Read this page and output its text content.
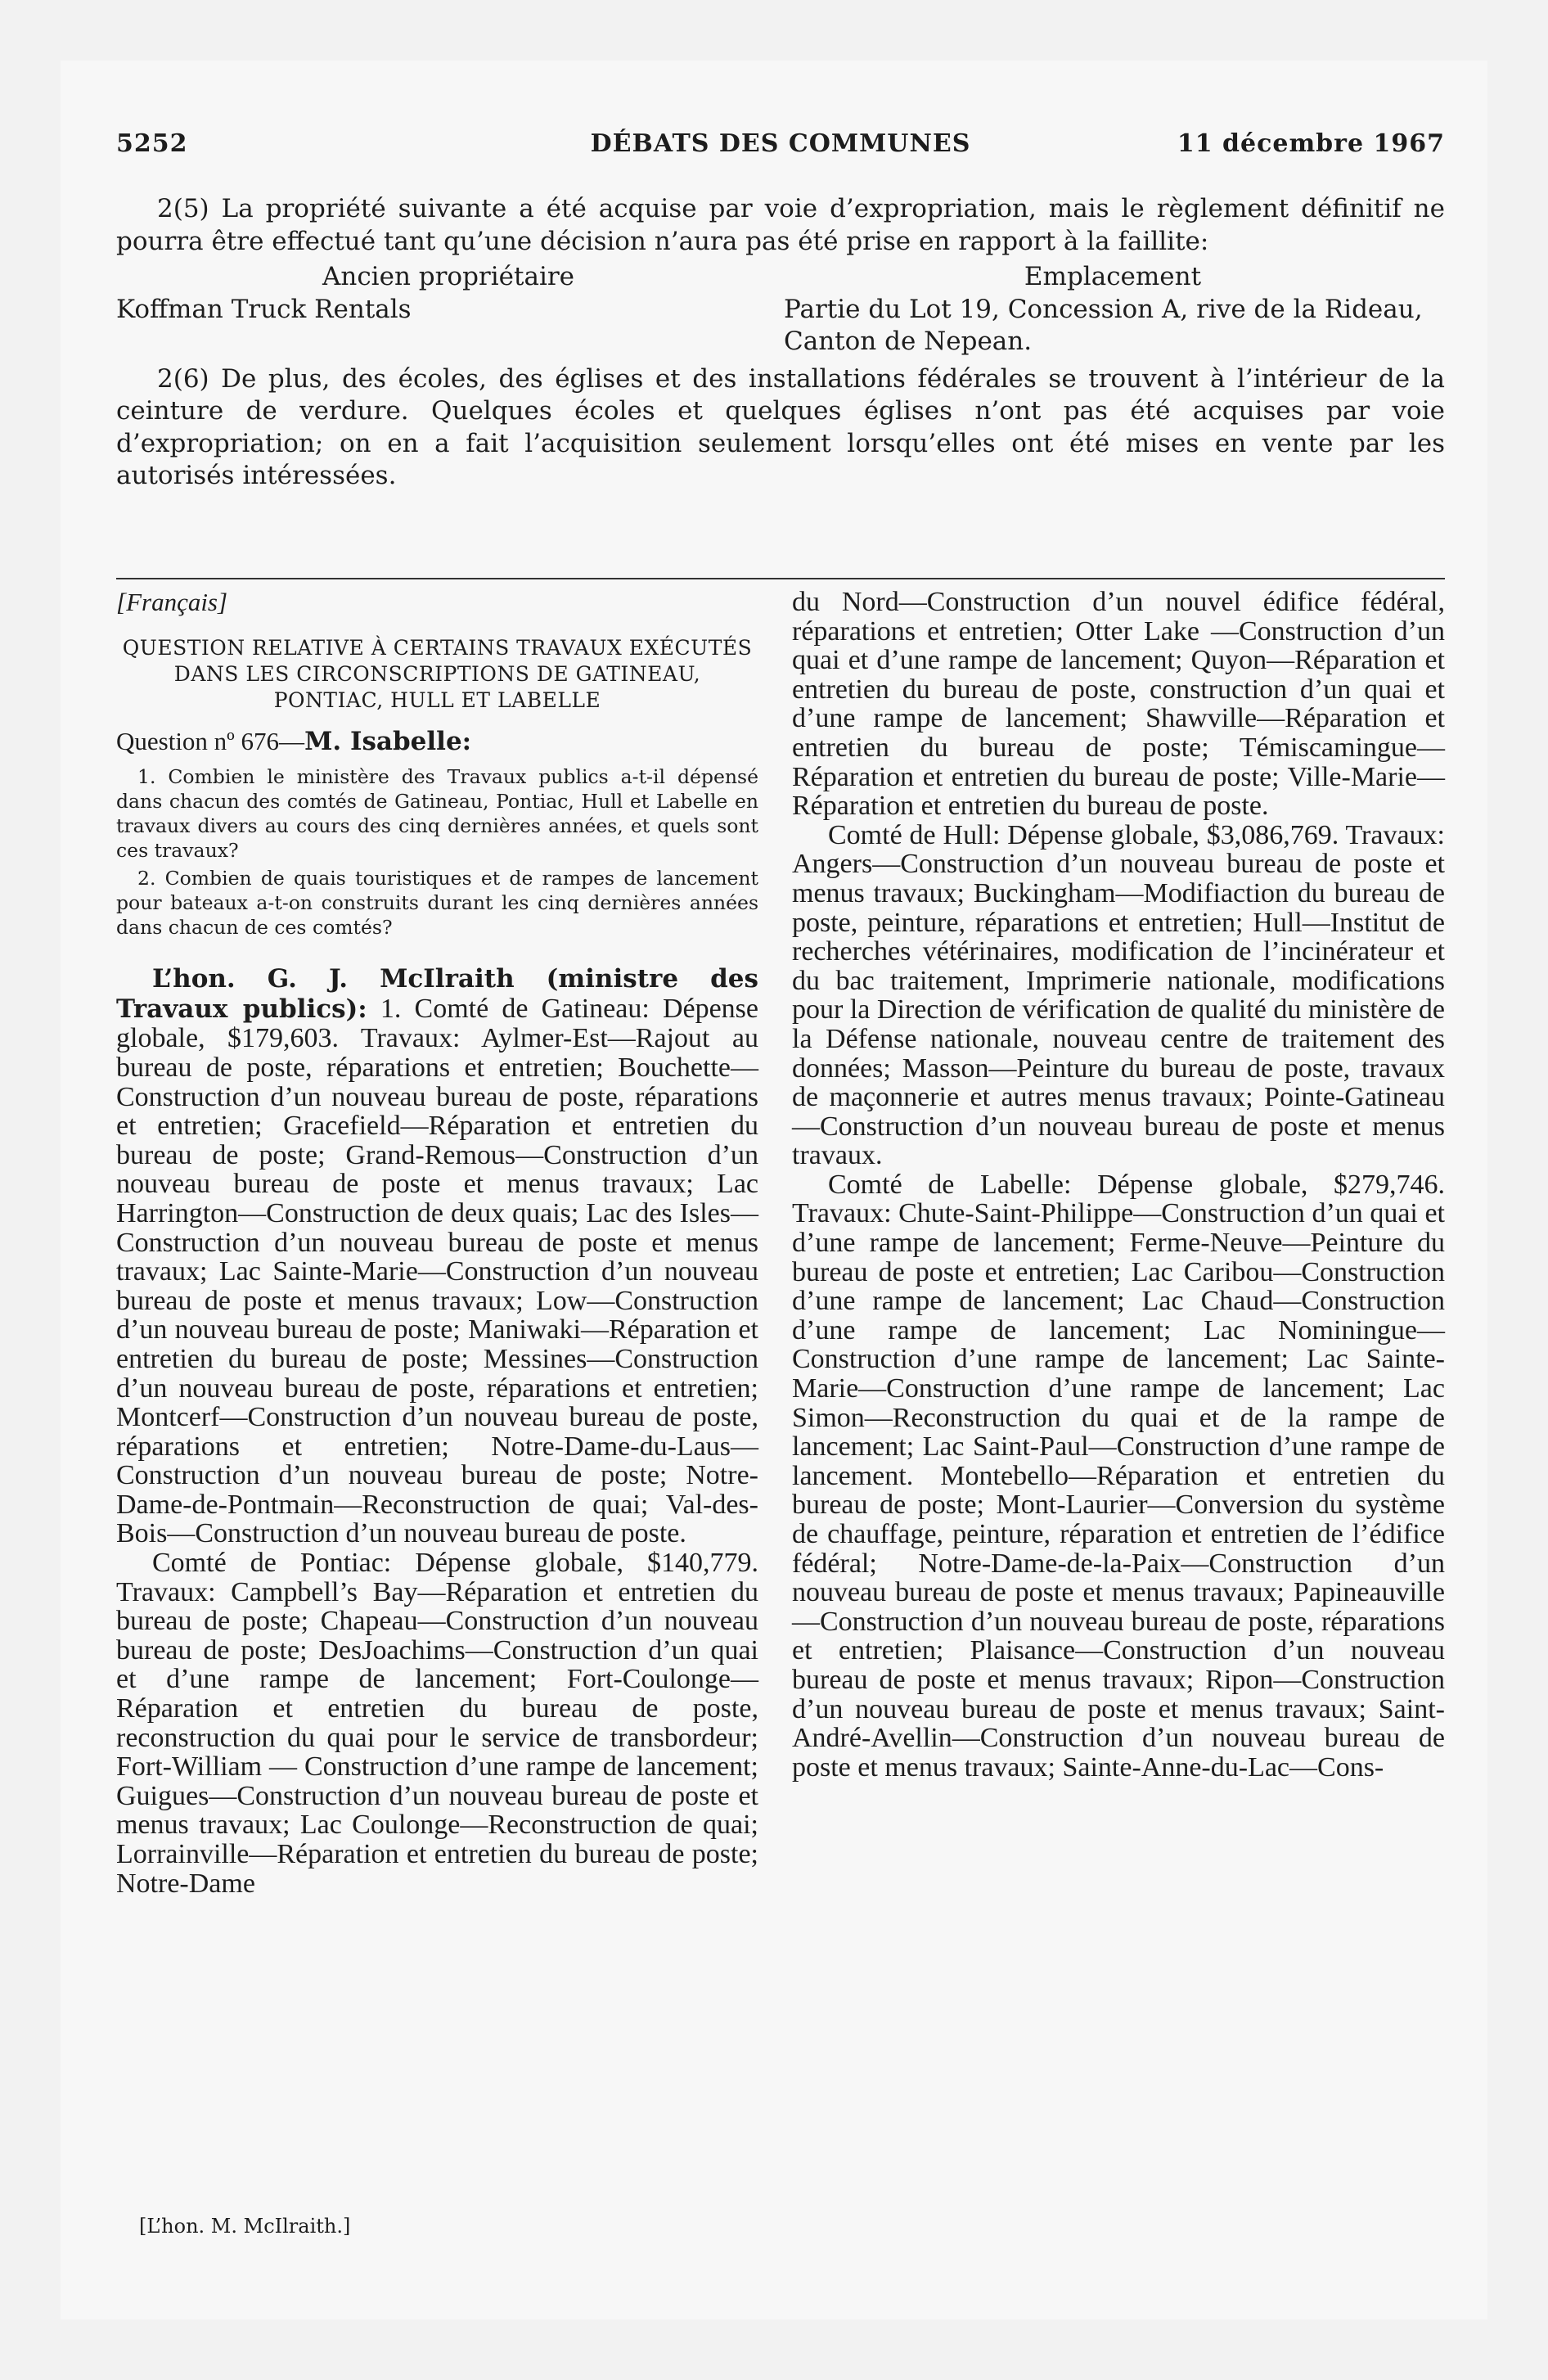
5252	DÉBATS DES COMMUNES	11 décembre 1967

2(5) La propriété suivante a été acquise par voie d’expropriation, mais le règlement définitif ne pourra être effectué tant qu’une décision n’aura pas été prise en rapport à la faillite:

Ancien propriétaire	Emplacement
Koffman Truck Rentals	Partie du Lot 19, Concession A, rive de la Rideau, Canton de Nepean.

2(6) De plus, des écoles, des églises et des installations fédérales se trouvent à l’intérieur de la ceinture de verdure. Quelques écoles et quelques églises n’ont pas été acquises par voie d’expropriation; on en a fait l’acquisition seulement lorsqu’elles ont été mises en vente par les autorisés intéressées.

[Français]

QUESTION RELATIVE À CERTAINS TRAVAUX EXÉCUTÉS DANS LES CIRCONSCRIPTIONS DE GATINEAU, PONTIAC, HULL ET LABELLE

Question nº 676—M. Isabelle:

1. Combien le ministère des Travaux publics a-t-il dépensé dans chacun des comtés de Gatineau, Pontiac, Hull et Labelle en travaux divers au cours des cinq dernières années, et quels sont ces travaux?

2. Combien de quais touristiques et de rampes de lancement pour bateaux a-t-on construits durant les cinq dernières années dans chacun de ces comtés?

L’hon. G. J. McIlraith (ministre des Travaux publics): 1. Comté de Gatineau: Dépense globale, $179,603. Travaux: Aylmer-Est—Rajout au bureau de poste, réparations et entretien; Bouchette—Construction d’un nouveau bureau de poste, réparations et entretien; Gracefield—Réparation et entretien du bureau de poste; Grand-Remous—Construction d’un nouveau bureau de poste et menus travaux; Lac Harrington—Construction de deux quais; Lac des Isles—Construction d’un nouveau bureau de poste et menus travaux; Lac Sainte-Marie—Construction d’un nouveau bureau de poste et menus travaux; Low—Construction d’un nouveau bureau de poste; Maniwaki—Réparation et entretien du bureau de poste; Messines—Construction d’un nouveau bureau de poste, réparations et entretien; Montcerf—Construction d’un nouveau bureau de poste, réparations et entretien; Notre-Dame-du-Laus—Construction d’un nouveau bureau de poste; Notre-Dame-de-Pontmain—Reconstruction de quai; Val-des-Bois—Construction d’un nouveau bureau de poste.

Comté de Pontiac: Dépense globale, $140,779. Travaux: Campbell’s Bay—Réparation et entretien du bureau de poste; Chapeau—Construction d’un nouveau bureau de poste; DesJoachims—Construction d’un quai et d’une rampe de lancement; Fort-Coulonge—Réparation et entretien du bureau de poste, reconstruction du quai pour le service de transbordeur; Fort-William — Construction d’une rampe de lancement; Guigues—Construction d’un nouveau bureau de poste et menus travaux; Lac Coulonge—Reconstruction de quai; Lorrainville—Réparation et entretien du bureau de poste; Notre-Dame

du Nord—Construction d’un nouvel édifice fédéral, réparations et entretien; Otter Lake —Construction d’un quai et d’une rampe de lancement; Quyon—Réparation et entretien du bureau de poste, construction d’un quai et d’une rampe de lancement; Shawville—Réparation et entretien du bureau de poste; Témiscamingue—Réparation et entretien du bureau de poste; Ville-Marie—Réparation et entretien du bureau de poste.

Comté de Hull: Dépense globale, $3,086,769. Travaux: Angers—Construction d’un nouveau bureau de poste et menus travaux; Buckingham—Modifiaction du bureau de poste, peinture, réparations et entretien; Hull—Institut de recherches vétérinaires, modification de l’incinérateur et du bac traitement, Imprimerie nationale, modifications pour la Direction de vérification de qualité du ministère de la Défense nationale, nouveau centre de traitement des données; Masson—Peinture du bureau de poste, travaux de maçonnerie et autres menus travaux; Pointe-Gatineau—Construction d’un nouveau bureau de poste et menus travaux.

Comté de Labelle: Dépense globale, $279,746. Travaux: Chute-Saint-Philippe—Construction d’un quai et d’une rampe de lancement; Ferme-Neuve—Peinture du bureau de poste et entretien; Lac Caribou—Construction d’une rampe de lancement; Lac Chaud—Construction d’une rampe de lancement; Lac Nominingue—Construction d’une rampe de lancement; Lac Sainte-Marie—Construction d’une rampe de lancement; Lac Simon—Reconstruction du quai et de la rampe de lancement; Lac Saint-Paul—Construction d’une rampe de lancement. Montebello—Réparation et entretien du bureau de poste; Mont-Laurier—Conversion du système de chauffage, peinture, réparation et entretien de l’édifice fédéral; Notre-Dame-de-la-Paix—Construction d’un nouveau bureau de poste et menus travaux; Papineauville—Construction d’un nouveau bureau de poste, réparations et entretien; Plaisance—Construction d’un nouveau bureau de poste et menus travaux; Ripon—Construction d’un nouveau bureau de poste et menus travaux; Saint-André-Avellin—Construction d’un nouveau bureau de poste et menus travaux; Sainte-Anne-du-Lac—Cons-

[L’hon. M. McIlraith.]
